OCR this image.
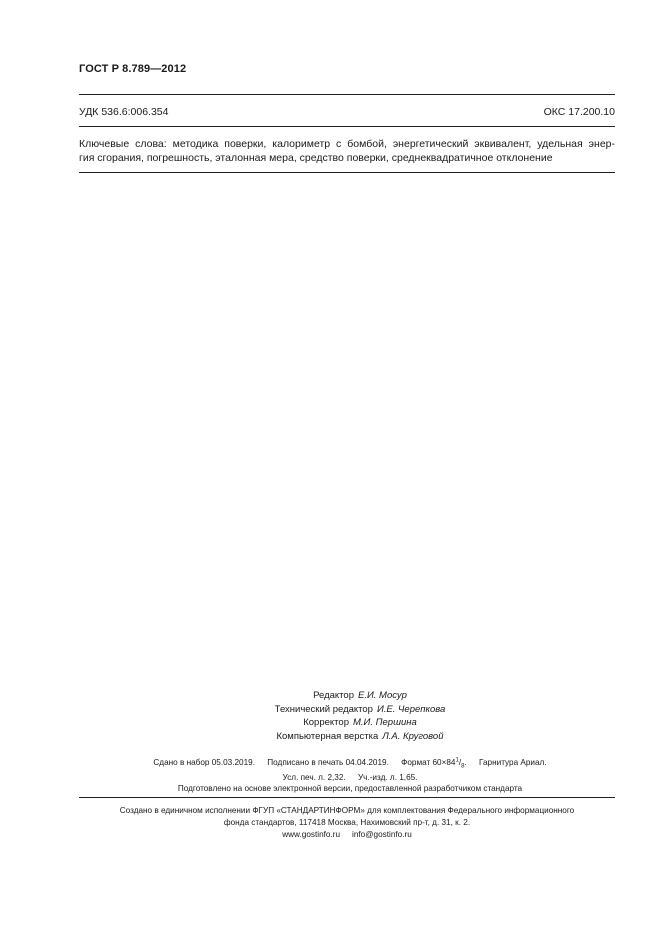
ГОСТ Р 8.789—2012
УДК 536.6:006.354	ОКС 17.200.10
Ключевые слова: методика поверки, калориметр с бомбой, энергетический эквивалент, удельная энер-
гия сгорания, погрешность, эталонная мера, средство поверки, среднеквадратичное отклонение
Редактор Е.И. Мосур
Технический редактор И.Е. Черепкова
Корректор М.И. Першина
Компьютерная верстка Л.А. Круговой
Сдано в набор 05.03.2019. Подписано в печать 04.04.2019. Формат $60\times 84^1/_8$. Гарнитура Ариал.
Усл. печ. л. 2,32. Уч.-изд. л. 1,65.
Подготовлено на основе электронной версии, предоставленной разработчиком стандарта
Создано в единичном исполнении ФГУП «СТАНДАРТИНФОРМ» для комплектования Федерального информационного
фонда стандартов, 117418 Москва, Нахимовский пр-т, д. 31, к. 2.
www.gostinfo.ru info@gostinfo.ru
